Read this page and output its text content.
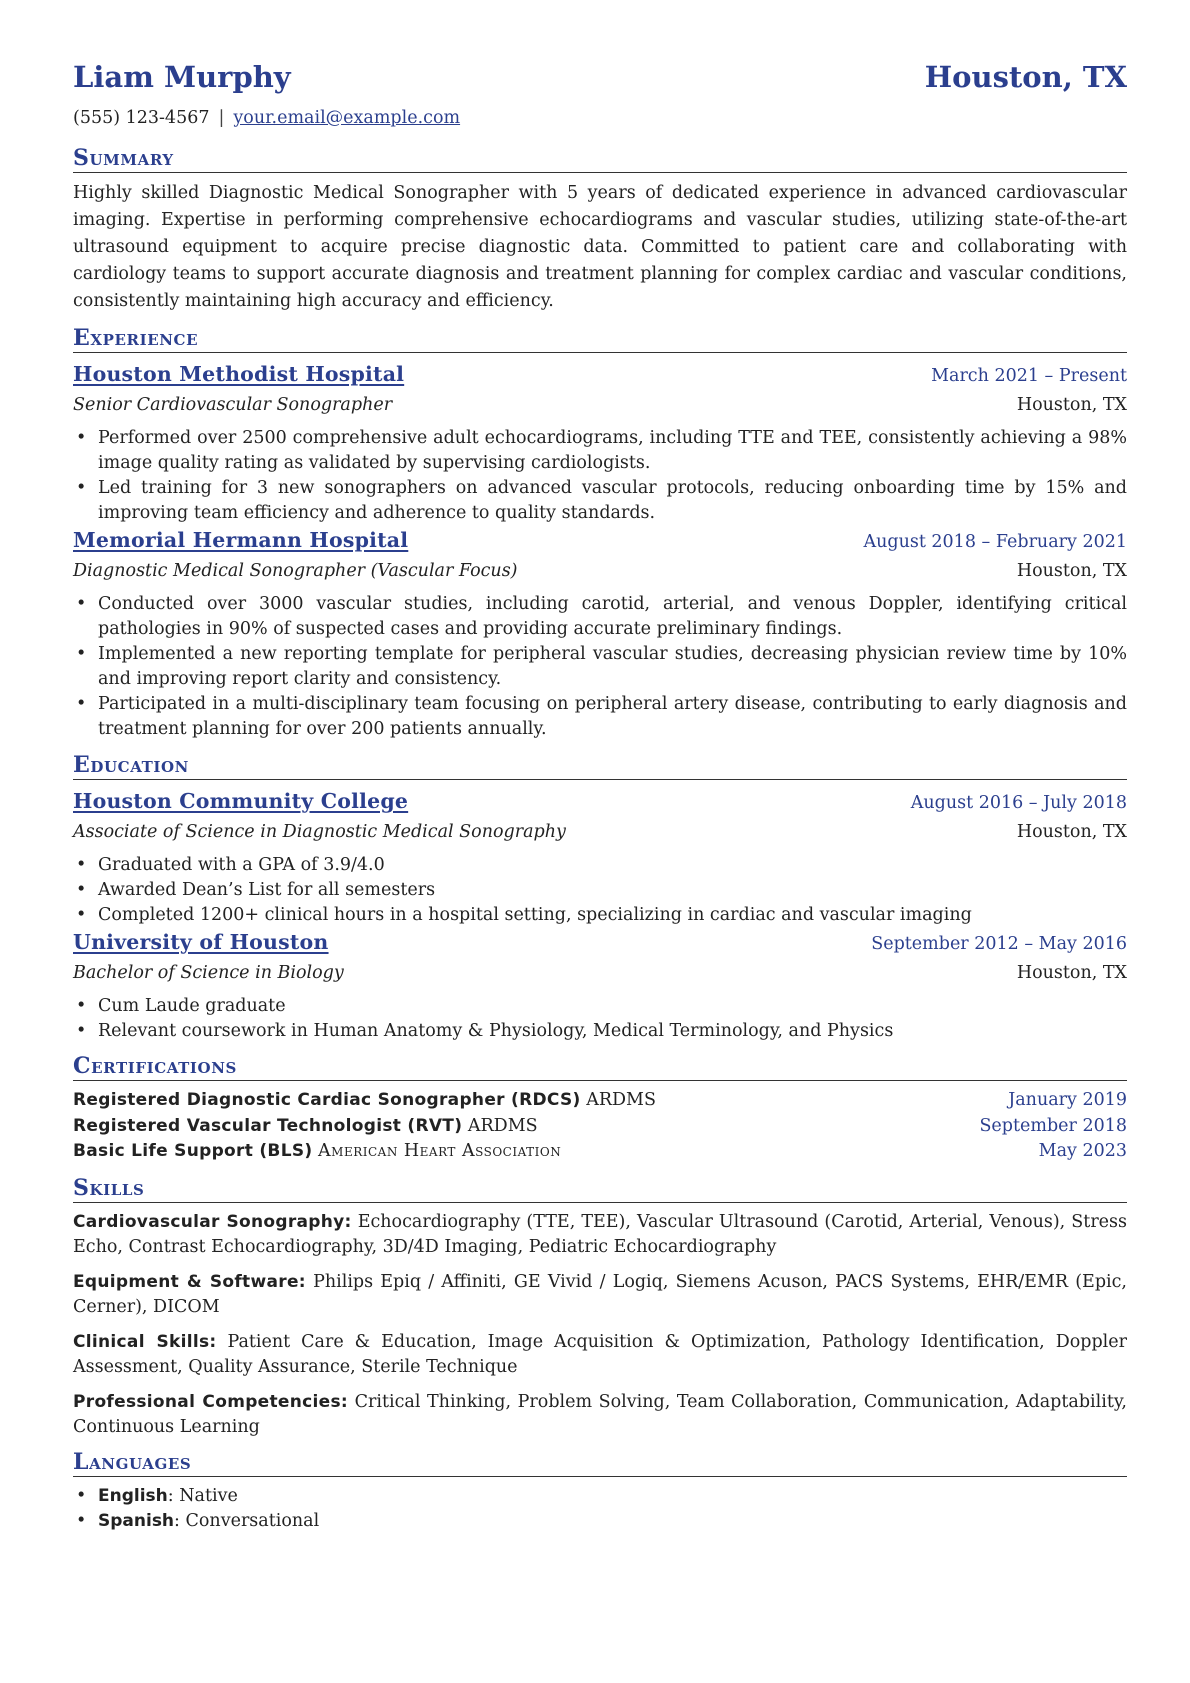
Liam Murphy	Houston, TX
(555) 123-4567 | your.email@example.com
Summary
Highly skilled Diagnostic Medical Sonographer with 5 years of dedicated experience in advanced cardiovascular imaging. Expertise in performing comprehensive echocardiograms and vascular studies, utilizing state-of-the-art ultrasound equipment to acquire precise diagnostic data. Committed to patient care and collaborating with cardiology teams to support accurate diagnosis and treatment planning for complex cardiac and vascular conditions, consistently maintaining high accuracy and efficiency.
Experience
Houston Methodist Hospital	March 2021 – Present
Senior Cardiovascular Sonographer	Houston, TX
• Performed over 2500 comprehensive adult echocardiograms, including TTE and TEE, consistently achieving a 98% image quality rating as validated by supervising cardiologists.
• Led training for 3 new sonographers on advanced vascular protocols, reducing onboarding time by 15% and improving team efficiency and adherence to quality standards.
Memorial Hermann Hospital	August 2018 – February 2021
Diagnostic Medical Sonographer (Vascular Focus)	Houston, TX
• Conducted over 3000 vascular studies, including carotid, arterial, and venous Doppler, identifying critical pathologies in 90% of suspected cases and providing accurate preliminary findings.
• Implemented a new reporting template for peripheral vascular studies, decreasing physician review time by 10% and improving report clarity and consistency.
• Participated in a multi-disciplinary team focusing on peripheral artery disease, contributing to early diagnosis and treatment planning for over 200 patients annually.
Education
Houston Community College	August 2016 – July 2018
Associate of Science in Diagnostic Medical Sonography	Houston, TX
• Graduated with a GPA of 3.9/4.0
• Awarded Dean’s List for all semesters
• Completed 1200+ clinical hours in a hospital setting, specializing in cardiac and vascular imaging
University of Houston	September 2012 – May 2016
Bachelor of Science in Biology	Houston, TX
• Cum Laude graduate
• Relevant coursework in Human Anatomy & Physiology, Medical Terminology, and Physics
Certifications
Registered Diagnostic Cardiac Sonographer (RDCS) ARDMS	January 2019
Registered Vascular Technologist (RVT) ARDMS	September 2018
Basic Life Support (BLS) American Heart Association	May 2023
Skills
Cardiovascular Sonography: Echocardiography (TTE, TEE), Vascular Ultrasound (Carotid, Arterial, Venous), Stress Echo, Contrast Echocardiography, 3D/4D Imaging, Pediatric Echocardiography
Equipment & Software: Philips Epiq / Affiniti, GE Vivid / Logiq, Siemens Acuson, PACS Systems, EHR/EMR (Epic, Cerner), DICOM
Clinical Skills: Patient Care & Education, Image Acquisition & Optimization, Pathology Identification, Doppler Assessment, Quality Assurance, Sterile Technique
Professional Competencies: Critical Thinking, Problem Solving, Team Collaboration, Communication, Adaptability, Continuous Learning
Languages
• English: Native
• Spanish: Conversational
